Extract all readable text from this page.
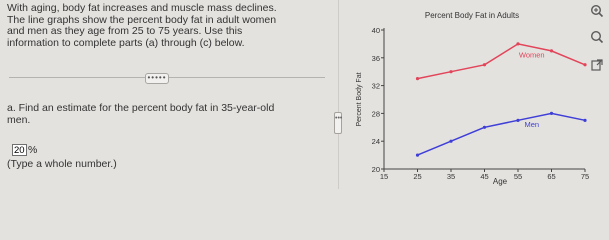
With aging, body fat increases and muscle mass declines.
The line graphs show the percent body fat in adult women
and men as they age from 25 to 75 years. Use this
information to complete parts (a) through (c) below.

•••••

a. Find an estimate for the percent body fat in 35-year-old
men.

20
%
(Type a whole number.)
•••
Percent Body Fat in Adults
Percent Body Fat
Age
20
24
28
32
36
40
15	25	35	45	55	65	75
Women
Men
